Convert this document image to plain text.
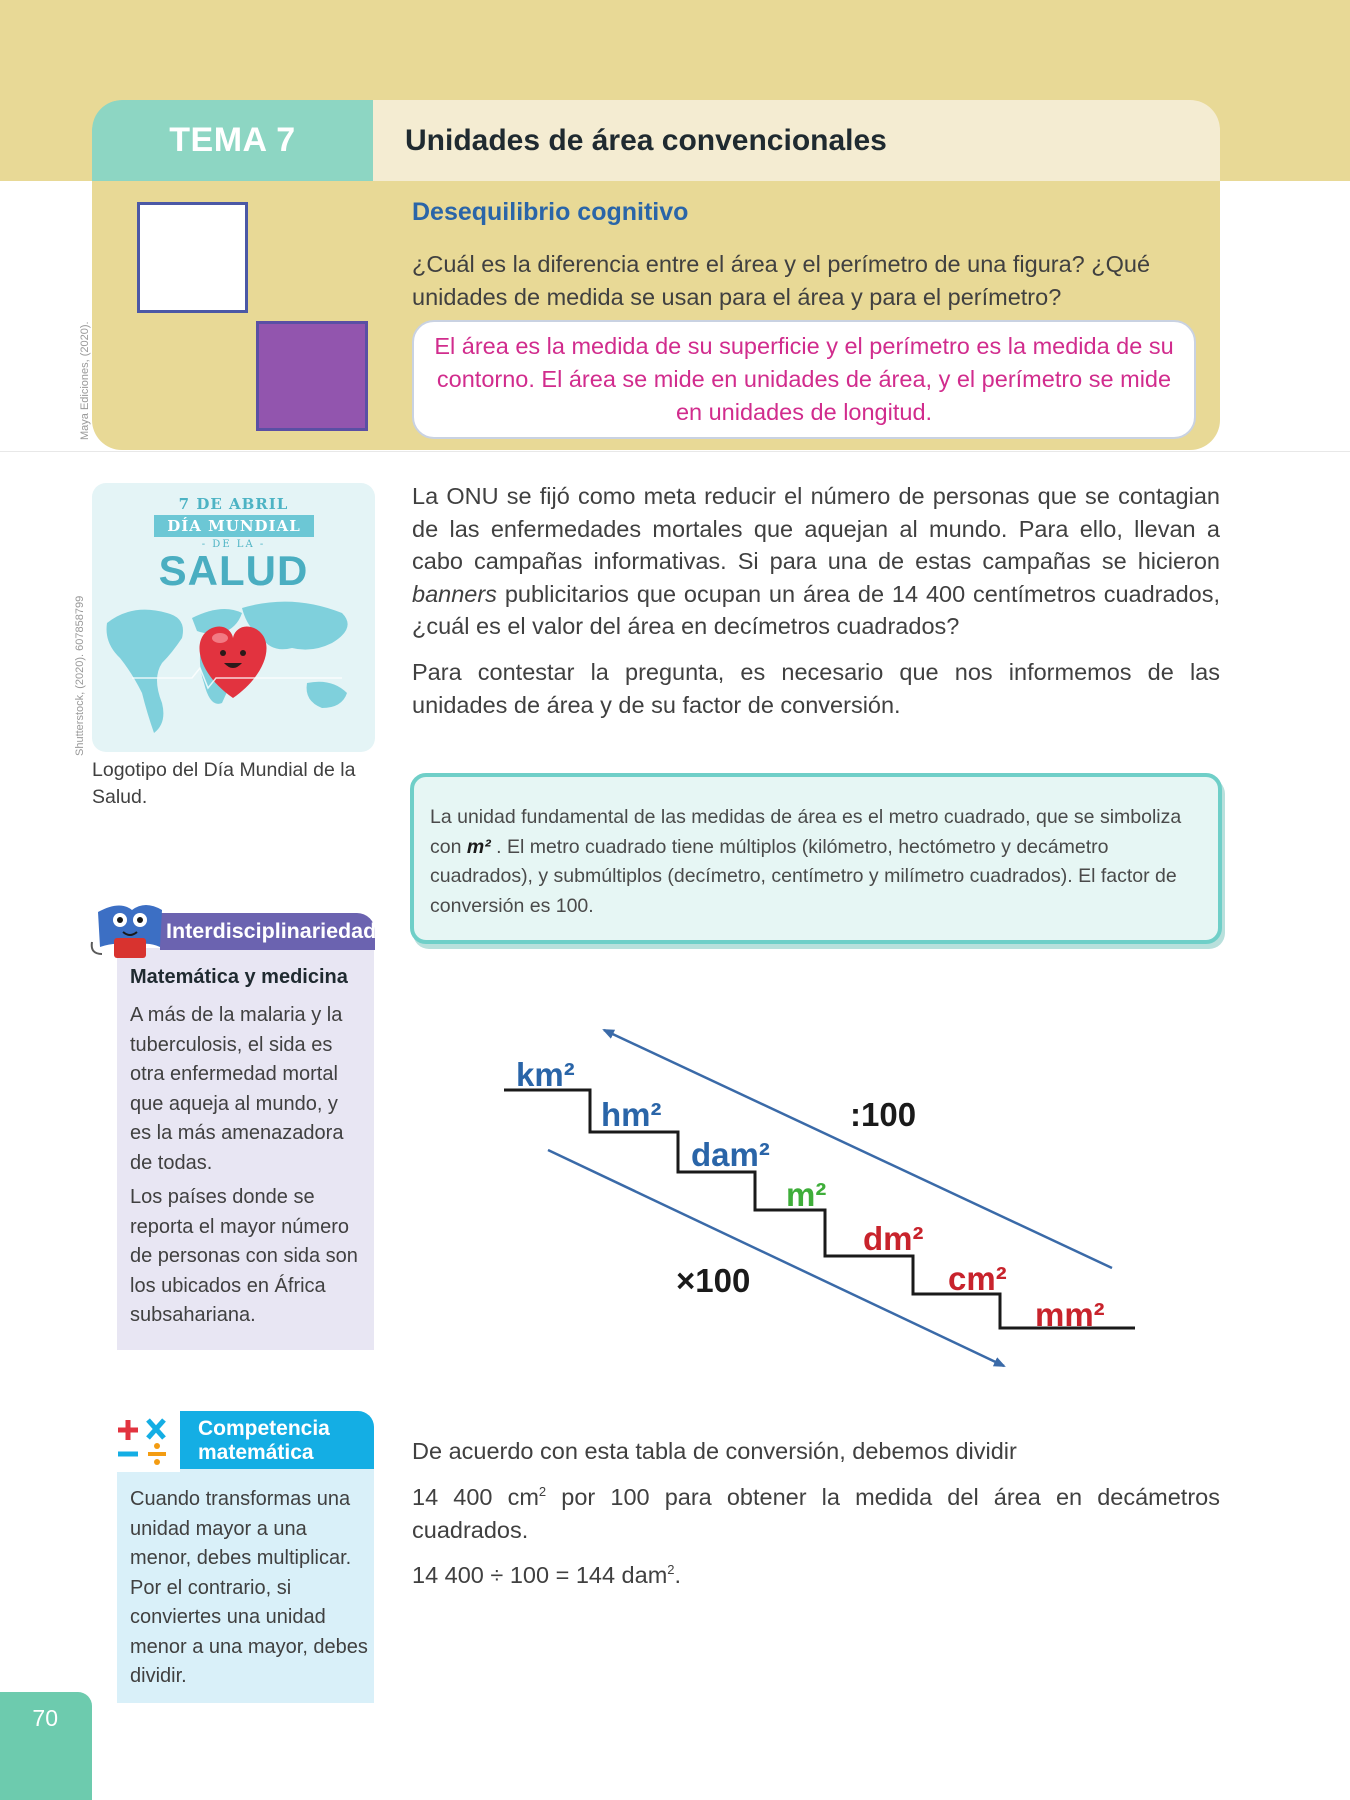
TEMA 7	Unidades de área convencionales
Desequilibrio cognitivo
¿Cuál es la diferencia entre el área y el perímetro de una figura? ¿Qué unidades de medida se usan para el área y para el perímetro?
El área es la medida de su superficie y el perímetro es la medida de su contorno. El área se mide en unidades de área, y el perímetro se mide en unidades de longitud.
Maya Ediciones, (2020).
Shutterstock, (2020). 607858799
7 DE ABRIL
DÍA MUNDIAL
- DE LA -
SALUD
Logotipo del Día Mundial de la Salud.
La ONU se fijó como meta reducir el número de personas que se contagian de las enfermedades mortales que aquejan al mundo. Para ello, llevan a cabo campañas informativas. Si para una de estas campañas se hicieron banners publicitarios que ocupan un área de 14 400 centímetros cuadrados, ¿cuál es el valor del área en decímetros cuadrados?
Para contestar la pregunta, es necesario que nos informemos de las unidades de área y de su factor de conversión.
La unidad fundamental de las medidas de área es el metro cuadrado, que se simboliza con m² . El metro cuadrado tiene múltiplos (kilómetro, hectómetro y decámetro cuadrados), y submúltiplos (decímetro, centímetro y milímetro cuadrados). El factor de conversión es 100.
Interdisciplinariedad
Matemática y medicina
A más de la malaria y la tuberculosis, el sida es otra enfermedad mortal que aqueja al mundo, y es la más amenazadora de todas.
Los países donde se reporta el mayor número de personas con sida son los ubicados en África subsahariana.
Competencia
matemática
Cuando transformas una unidad mayor a una menor, debes multiplicar. Por el contrario, si conviertes una unidad menor a una mayor, debes dividir.
km²
hm²
dam²
m²
dm²
cm²
mm²
:100
×100
De acuerdo con esta tabla de conversión, debemos dividir
14 400 $cm^2$ por 100 para obtener la medida del área en decámetros cuadrados.
14 400 ÷ 100 = 144 dam$^2$.
70
